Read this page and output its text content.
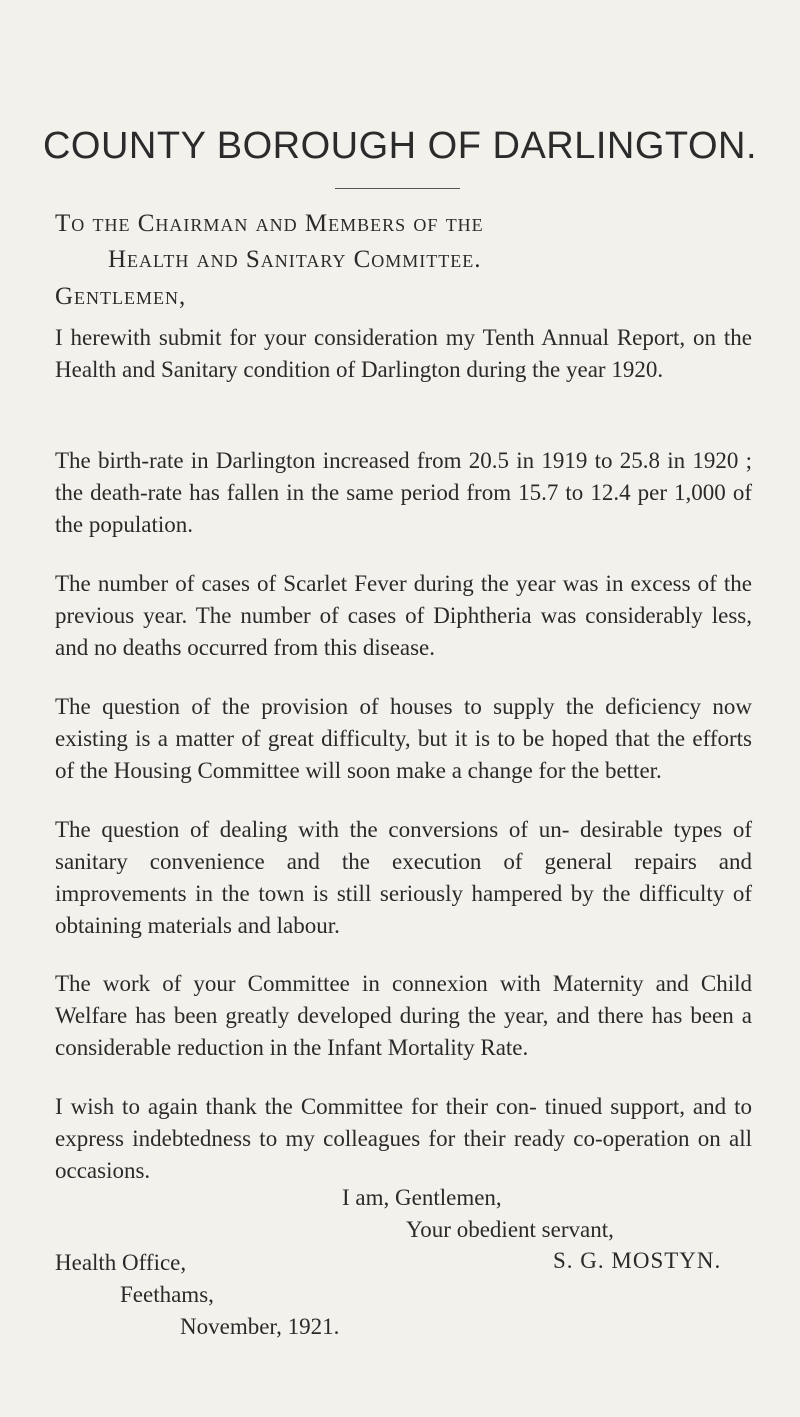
COUNTY BOROUGH OF DARLINGTON.
To the Chairman and Members of the
Health and Sanitary Committee.
Gentlemen,

I herewith submit for your consideration my Tenth Annual Report, on the Health and Sanitary condition of Darlington during the year 1920.

The birth-rate in Darlington increased from 20.5 in 1919 to 25.8 in 1920 ; the death-rate has fallen in the same period from 15.7 to 12.4 per 1,000 of the population.

The number of cases of Scarlet Fever during the year was in excess of the previous year. The number of cases of Diphtheria was considerably less, and no deaths occurred from this disease.

The question of the provision of houses to supply the deficiency now existing is a matter of great difficulty, but it is to be hoped that the efforts of the Housing Committee will soon make a change for the better.

The question of dealing with the conversions of un- desirable types of sanitary convenience and the execution of general repairs and improvements in the town is still seriously hampered by the difficulty of obtaining materials and labour.

The work of your Committee in connexion with Maternity and Child Welfare has been greatly developed during the year, and there has been a considerable reduction in the Infant Mortality Rate.

I wish to again thank the Committee for their con- tinued support, and to express indebtedness to my colleagues for their ready co-operation on all occasions.

I am, Gentlemen,
Your obedient servant,
S. G. MOSTYN.
Health Office,
Feethams,
November, 1921.
